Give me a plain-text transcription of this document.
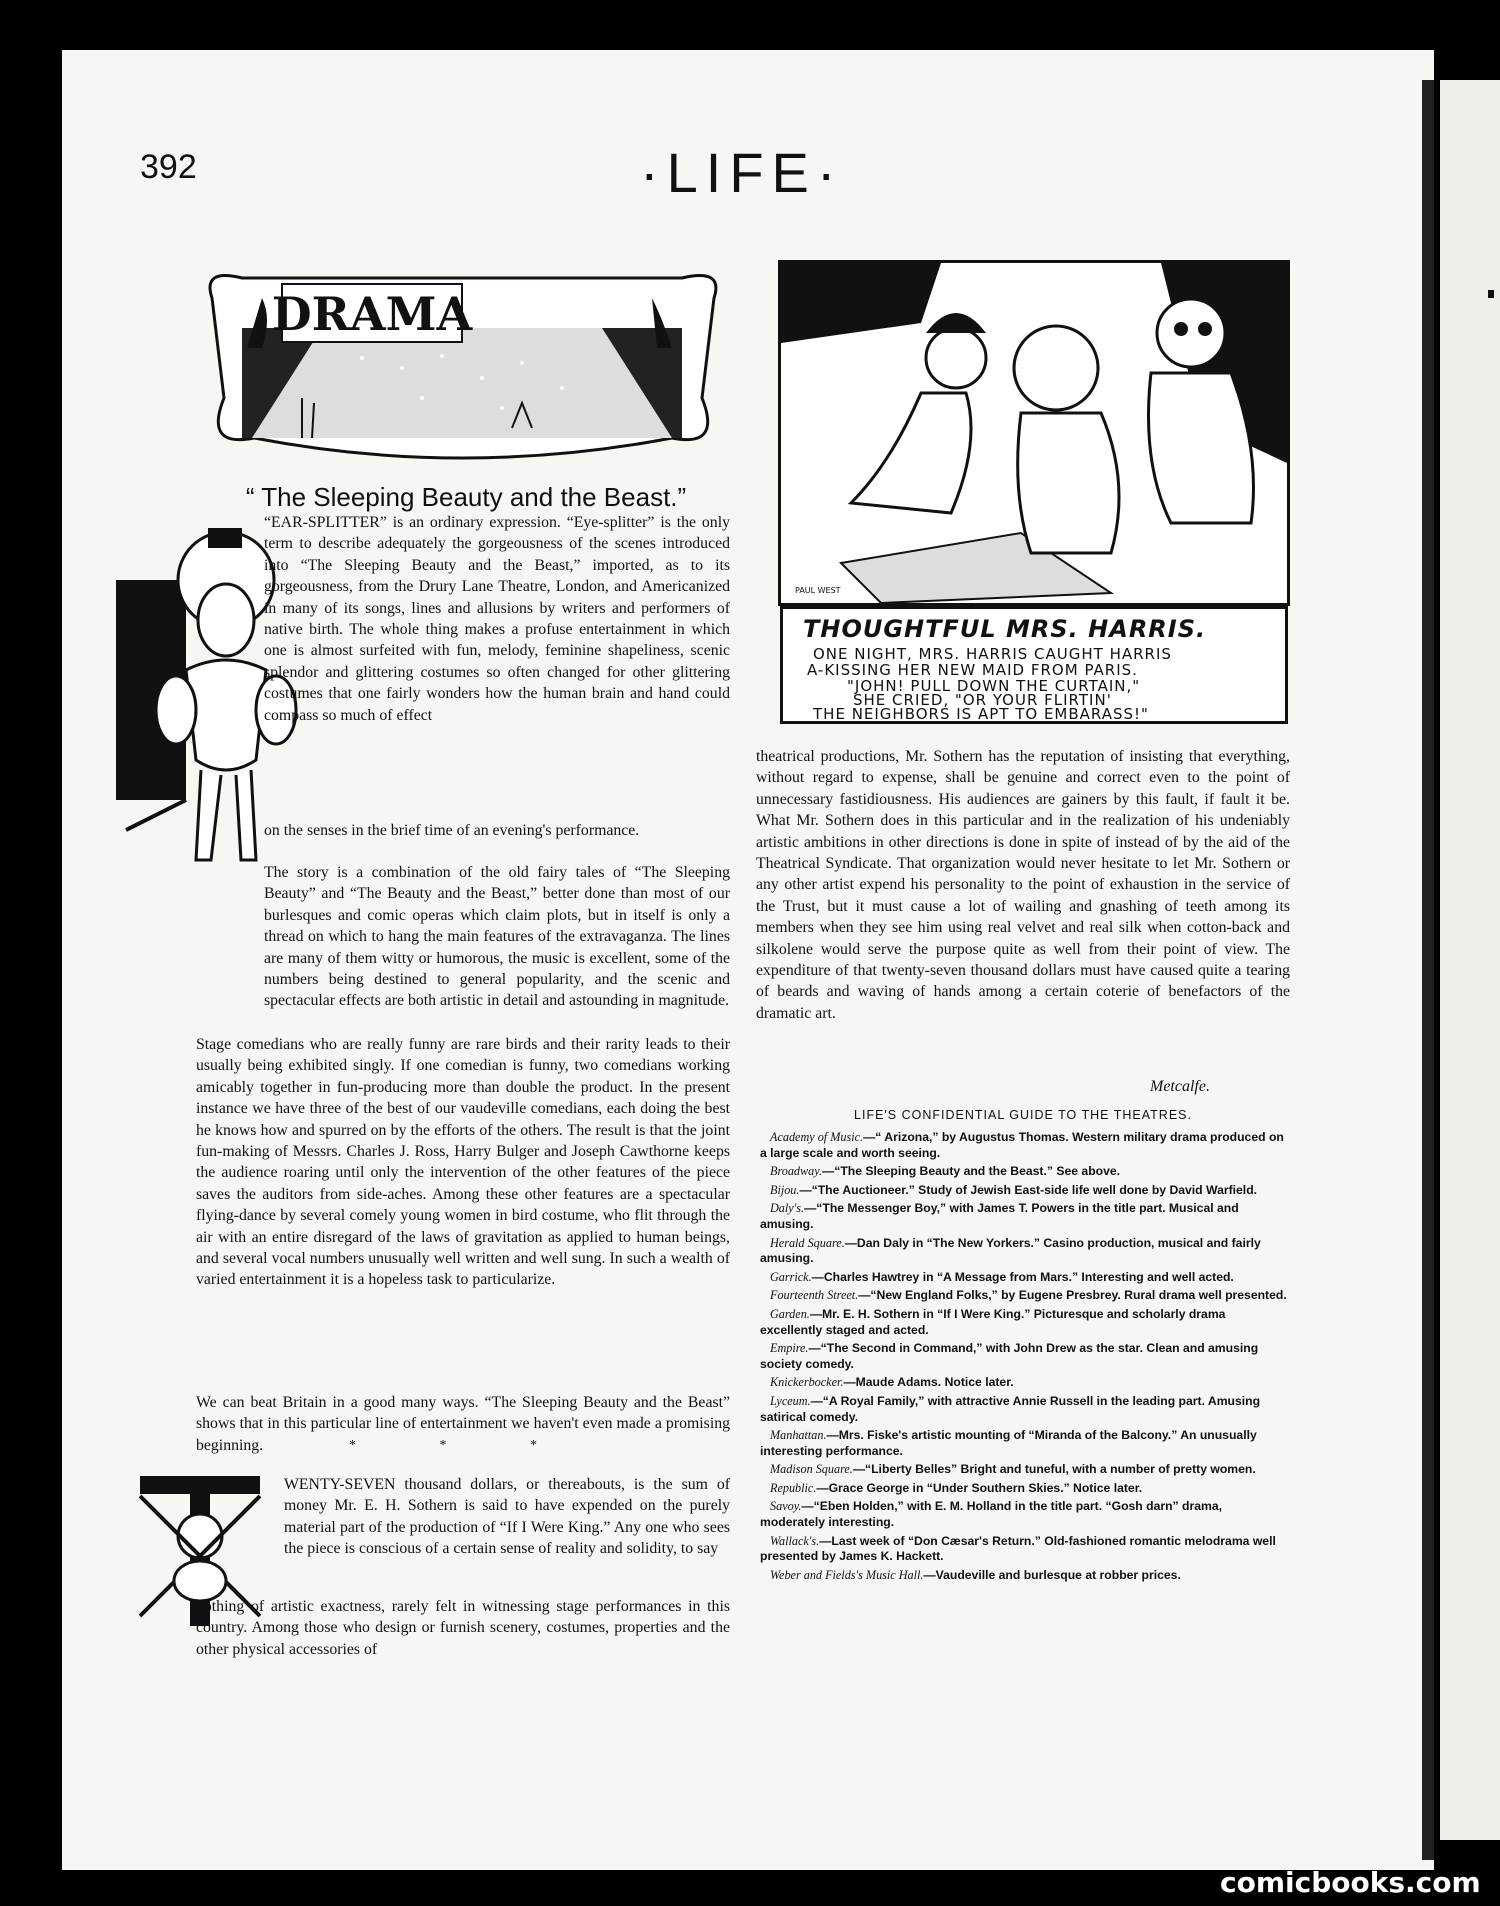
392	·LIFE·
DRAMA
“ The Sleeping Beauty and the Beast.”

“EAR-SPLITTER” is an ordinary expression. “Eye-splitter” is the only term to describe adequately the gorgeousness of the scenes introduced into “The Sleeping Beauty and the Beast,” imported, as to its gorgeousness, from the Drury Lane Theatre, London, and Americanized in many of its songs, lines and allusions by writers and performers of native birth. The whole thing makes a profuse entertainment in which one is almost surfeited with fun, melody, feminine shapeliness, scenic splendor and glittering costumes so often changed for other glittering costumes that one fairly wonders how the human brain and hand could compass so much of effect

on the senses in the brief time of an evening's performance.

The story is a combination of the old fairy tales of “The Sleeping Beauty” and “The Beauty and the Beast,” better done than most of our burlesques and comic operas which claim plots, but in itself is only a thread on which to hang the main features of the extravaganza. The lines are many of them witty or humorous, the music is excellent, some of the numbers being destined to general popularity, and the scenic and spectacular effects are both artistic in detail and astounding in magnitude.

Stage comedians who are really funny are rare birds and their rarity leads to their usually being exhibited singly. If one comedian is funny, two comedians working amicably together in fun-producing more than double the product. In the present instance we have three of the best of our vaudeville comedians, each doing the best he knows how and spurred on by the efforts of the others. The result is that the joint fun-making of Messrs. Charles J. Ross, Harry Bulger and Joseph Cawthorne keeps the audience roaring until only the intervention of the other features of the piece saves the auditors from side-aches. Among these other features are a spectacular flying-dance by several comely young women in bird costume, who flit through the air with an entire disregard of the laws of gravitation as applied to human beings, and several vocal numbers unusually well written and well sung. In such a wealth of varied entertainment it is a hopeless task to particularize.

We can beat Britain in a good many ways. “The Sleeping Beauty and the Beast” shows that in this particular line of entertainment we haven't even made a promising beginning.	* * *

WENTY-SEVEN thousand dollars, or thereabouts, is the sum of money Mr. E. H. Sothern is said to have expended on the purely material part of the production of “If I Were King.” Any one who sees the piece is conscious of a certain sense of reality and solidity, to say

nothing of artistic exactness, rarely felt in witnessing stage performances in this country. Among those who design or furnish scenery, costumes, properties and the other physical accessories of

PAUL WEST
THOUGHTFUL MRS. HARRIS.
ONE NIGHT, MRS. HARRIS CAUGHT HARRIS
A-KISSING HER NEW MAID FROM PARIS.
"JOHN! PULL DOWN THE CURTAIN,"
SHE CRIED, "OR YOUR FLIRTIN'
THE NEIGHBORS IS APT TO EMBARASS!"

theatrical productions, Mr. Sothern has the reputation of insisting that everything, without regard to expense, shall be genuine and correct even to the point of unnecessary fastidiousness. His audiences are gainers by this fault, if fault it be. What Mr. Sothern does in this particular and in the realization of his undeniably artistic ambitions in other directions is done in spite of instead of by the aid of the Theatrical Syndicate. That organization would never hesitate to let Mr. Sothern or any other artist expend his personality to the point of exhaustion in the service of the Trust, but it must cause a lot of wailing and gnashing of teeth among its members when they see him using real velvet and real silk when cotton-back and silkolene would serve the purpose quite as well from their point of view. The expenditure of that twenty-seven thousand dollars must have caused quite a tearing of beards and waving of hands among a certain coterie of benefactors of the dramatic art.

Metcalfe.
LIFE'S CONFIDENTIAL GUIDE TO THE THEATRES.

Academy of Music.—“ Arizona,” by Augustus Thomas. Western military drama produced on a large scale and worth seeing.

Broadway.—“The Sleeping Beauty and the Beast.” See above.

Bijou.—“The Auctioneer.” Study of Jewish East-side life well done by David Warfield.

Daly's.—“The Messenger Boy,” with James T. Powers in the title part. Musical and amusing.

Herald Square.—Dan Daly in “The New Yorkers.” Casino production, musical and fairly amusing.

Garrick.—Charles Hawtrey in “A Message from Mars.” Interesting and well acted.

Fourteenth Street.—“New England Folks,” by Eugene Presbrey. Rural drama well presented.

Garden.—Mr. E. H. Sothern in “If I Were King.” Picturesque and scholarly drama excellently staged and acted.

Empire.—“The Second in Command,” with John Drew as the star. Clean and amusing society comedy.

Knickerbocker.—Maude Adams. Notice later.

Lyceum.—“A Royal Family,” with attractive Annie Russell in the leading part. Amusing satirical comedy.

Manhattan.—Mrs. Fiske's artistic mounting of “Miranda of the Balcony.” An unusually interesting performance.

Madison Square.—“Liberty Belles” Bright and tuneful, with a number of pretty women.

Republic.—Grace George in “Under Southern Skies.” Notice later.

Savoy.—“Eben Holden,” with E. M. Holland in the title part. “Gosh darn” drama, moderately interesting.

Wallack's.—Last week of “Don Cæsar's Return.” Old-fashioned romantic melodrama well presented by James K. Hackett.

Weber and Fields's Music Hall.—Vaudeville and burlesque at robber prices.

comicbooks.com
